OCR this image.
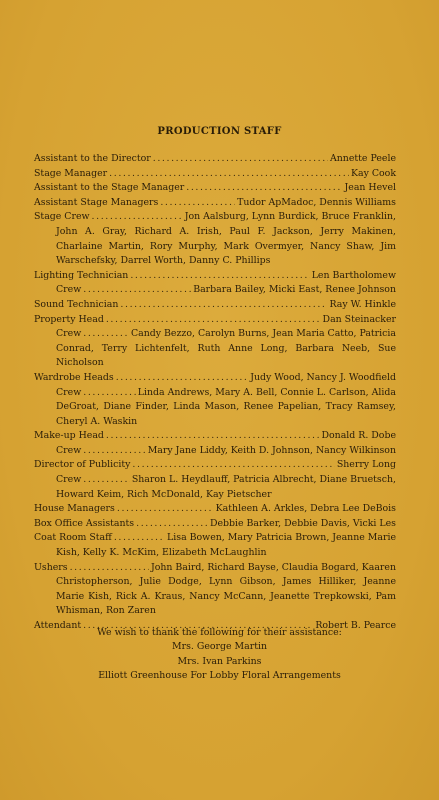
PRODUCTION STAFF
Assistant to the Director .....	Annette Peele
Stage Manager .....	Kay Cook
Assistant to the Stage Manager .....	Jean Hevel
Assistant Stage Managers .....	Tudor ApMadoc, Dennis Williams
Stage Crew .....	Jon Aalsburg, Lynn Burdick, Bruce Franklin,
John A. Gray, Richard A. Irish, Paul F. Jackson, Jerry Makinen, Charlaine Martin, Rory Murphy, Mark Overmyer, Nancy Shaw, Jim Warschefsky, Darrel Worth, Danny C. Phillips
Lighting Technician .....	Len Bartholomew
Crew .....	Barbara Bailey, Micki East, Renee Johnson
Sound Technician .....	Ray W. Hinkle
Property Head .....	Dan Steinacker
Crew .....	Candy Bezzo, Carolyn Burns, Jean Maria Catto, Patricia
Conrad, Terry Lichtenfelt, Ruth Anne Long, Barbara Neeb, Sue Nicholson
Wardrobe Heads .....	Judy Wood, Nancy J. Woodfield
Crew .....	Linda Andrews, Mary A. Bell, Connie L. Carlson, Alida
DeGroat, Diane Finder, Linda Mason, Renee Papelian, Tracy Ramsey, Cheryl A. Waskin
Make-up Head .....	Donald R. Dobe
Crew .....	Mary Jane Liddy, Keith D. Johnson, Nancy Wilkinson
Director of Publicity .....	Sherry Long
Crew .....	Sharon L. Heydlauff, Patricia Albrecht, Diane Bruetsch,
Howard Keim, Rich McDonald, Kay Pietscher
House Managers .....	Kathleen A. Arkles, Debra Lee DeBois
Box Office Assistants .....	Debbie Barker, Debbie Davis, Vicki Les
Coat Room Staff .....	Lisa Bowen, Mary Patricia Brown, Jeanne Marie
Kish, Kelly K. McKim, Elizabeth McLaughlin
Ushers .....	John Baird, Richard Bayse, Claudia Bogard, Kaaren
Christopherson, Julie Dodge, Lynn Gibson, James Hilliker, Jeanne Marie Kish, Rick A. Kraus, Nancy McCann, Jeanette Trepkowski, Pam Whisman, Ron Zaren
Attendant .....	Robert B. Pearce
We wish to thank the following for their assistance:
Mrs. George Martin
Mrs. Ivan Parkins
Elliott Greenhouse For Lobby Floral Arrangements
